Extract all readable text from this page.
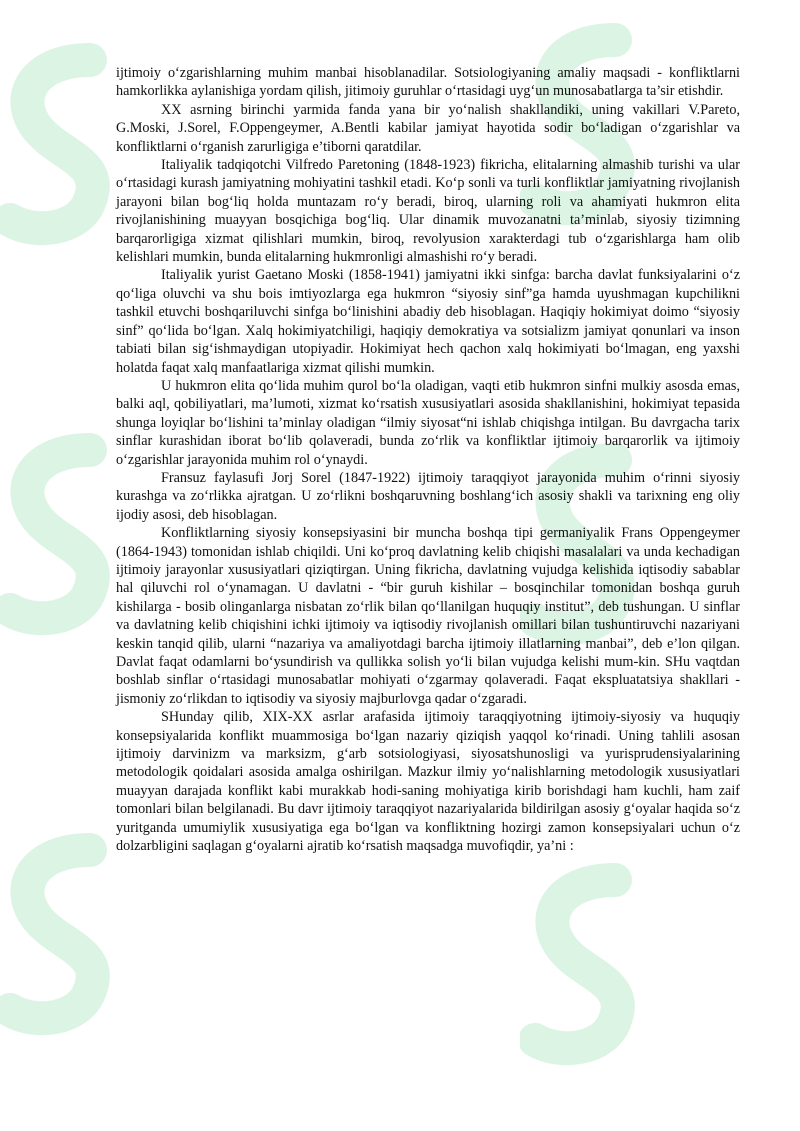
ijtimoiy o‘zgarishlarning muhim manbai hisoblanadilar. Sotsiologiyaning amaliy maqsadi - konfliktlarni hamkorlikka aylanishiga yordam qilish, jitimoiy guruhlar o‘rtasidagi uyg‘un munosabatlarga ta’sir etishdir.

XX asrning birinchi yarmida fanda yana bir yo‘nalish shakllandiki, uning vakillari V.Pareto, G.Moski, J.Sorel, F.Oppengeymer, A.Bentli kabilar jamiyat hayotida sodir bo‘ladigan o‘zgarishlar va konfliktlarni o‘rganish zarurligiga e’tiborni qaratdilar.

Italiyalik tadqiqotchi Vilfredo Paretoning (1848-1923) fikricha, elitalarning almashib turishi va ular o‘rtasidagi kurash jamiyatning mohiyatini tashkil etadi. Ko‘p sonli va turli konfliktlar jamiyatning rivojlanish jarayoni bilan bog‘liq holda muntazam ro‘y beradi, biroq, ularning roli va ahamiyati hukmron elita rivojlanishining muayyan bosqichiga bog‘liq. Ular dinamik muvozanatni ta’minlab, siyosiy tizimning barqarorligiga xizmat qilishlari mumkin, biroq, revolyusion xarakterdagi tub o‘zgarishlarga ham olib kelishlari mumkin, bunda elitalarning hukmronligi almashishi ro‘y beradi.

Italiyalik yurist Gaetano Moski (1858-1941) jamiyatni ikki sinfga: barcha davlat funksiyalarini o‘z qo‘liga oluvchi va shu bois imtiyozlarga ega hukmron “siyosiy sinf”ga hamda uyushmagan kupchilikni tashkil etuvchi boshqariluvchi sinfga bo‘linishini abadiy deb hisoblagan. Haqiqiy hokimiyat doimo “siyosiy sinf” qo‘lida bo‘lgan. Xalq hokimiyatchiligi, haqiqiy demokratiya va sotsializm jamiyat qonunlari va inson tabiati bilan sig‘ishmaydigan utopiyadir. Hokimiyat hech qachon xalq hokimiyati bo‘lmagan, eng yaxshi holatda faqat xalq manfaatlariga xizmat qilishi mumkin.

U hukmron elita qo‘lida muhim qurol bo‘la oladigan, vaqti etib hukmron sinfni mulkiy asosda emas, balki aql, qobiliyatlari, ma’lumoti, xizmat ko‘rsatish xususiyatlari asosida shakllanishini, hokimiyat tepasida shunga loyiqlar bo‘lishini ta’minlay oladigan “ilmiy siyosat“ni ishlab chiqishga intilgan. Bu davrgacha tarix sinflar kurashidan iborat bo‘lib qolaveradi, bunda zo‘rlik va konfliktlar ijtimoiy barqarorlik va ijtimoiy o‘zgarishlar jarayonida muhim rol o‘ynaydi.

Fransuz faylasufi Jorj Sorel (1847-1922) ijtimoiy taraqqiyot jarayonida muhim o‘rinni siyosiy kurashga va zo‘rlikka ajratgan. U zo‘rlikni boshqaruvning boshlang‘ich asosiy shakli va tarixning eng oliy ijodiy asosi, deb hisoblagan.

Konfliktlarning siyosiy konsepsiyasini bir muncha boshqa tipi germaniyalik Frans Oppengeymer (1864-1943) tomonidan ishlab chiqildi. Uni ko‘proq davlatning kelib chiqishi masalalari va unda kechadigan ijtimoiy jarayonlar xususiyatlari qiziqtirgan. Uning fikricha, davlatning vujudga kelishida iqtisodiy sabablar hal qiluvchi rol o‘ynamagan. U davlatni - “bir guruh kishilar – bosqinchilar tomonidan boshqa guruh kishilarga - bosib olinganlarga nisbatan zo‘rlik bilan qo‘llanilgan huquqiy institut”, deb tushungan. U sinflar va davlatning kelib chiqishini ichki ijtimoiy va iqtisodiy rivojlanish omillari bilan tushuntiruvchi nazariyani keskin tanqid qilib, ularni “nazariya va amaliyotdagi barcha ijtimoiy illatlarning manbai”, deb e’lon qilgan. Davlat faqat odamlarni bo‘ysundirish va qullikka solish yo‘li bilan vujudga kelishi mum-kin. SHu vaqtdan boshlab sinflar o‘rtasidagi munosabatlar mohiyati o‘zgarmay qolaveradi. Faqat ekspluatatsiya shakllari - jismoniy zo‘rlikdan to iqtisodiy va siyosiy majburlovga qadar o‘zgaradi.

SHunday qilib, XIX-XX asrlar arafasida ijtimoiy taraqqiyotning ijtimoiy-siyosiy va huquqiy konsepsiyalarida konflikt muammosiga bo‘lgan nazariy qiziqish yaqqol ko‘rinadi. Uning tahlili asosan ijtimoiy darvinizm va marksizm, g‘arb sotsiologiyasi, siyosatshunosligi va yurisprudensiyalarining metodologik qoidalari asosida amalga oshirilgan. Mazkur ilmiy yo‘nalishlarning metodologik xususiyatlari muayyan darajada konflikt kabi murakkab hodi-saning mohiyatiga kirib borishdagi ham kuchli, ham zaif tomonlari bilan belgilanadi. Bu davr ijtimoiy taraqqiyot nazariyalarida bildirilgan asosiy g‘oyalar haqida so‘z yuritganda umumiylik xususiyatiga ega bo‘lgan va konfliktning hozirgi zamon konsepsiyalari uchun o‘z dolzarbligini saqlagan g‘oyalarni ajratib ko‘rsatish maqsadga muvofiqdir, ya’ni :
